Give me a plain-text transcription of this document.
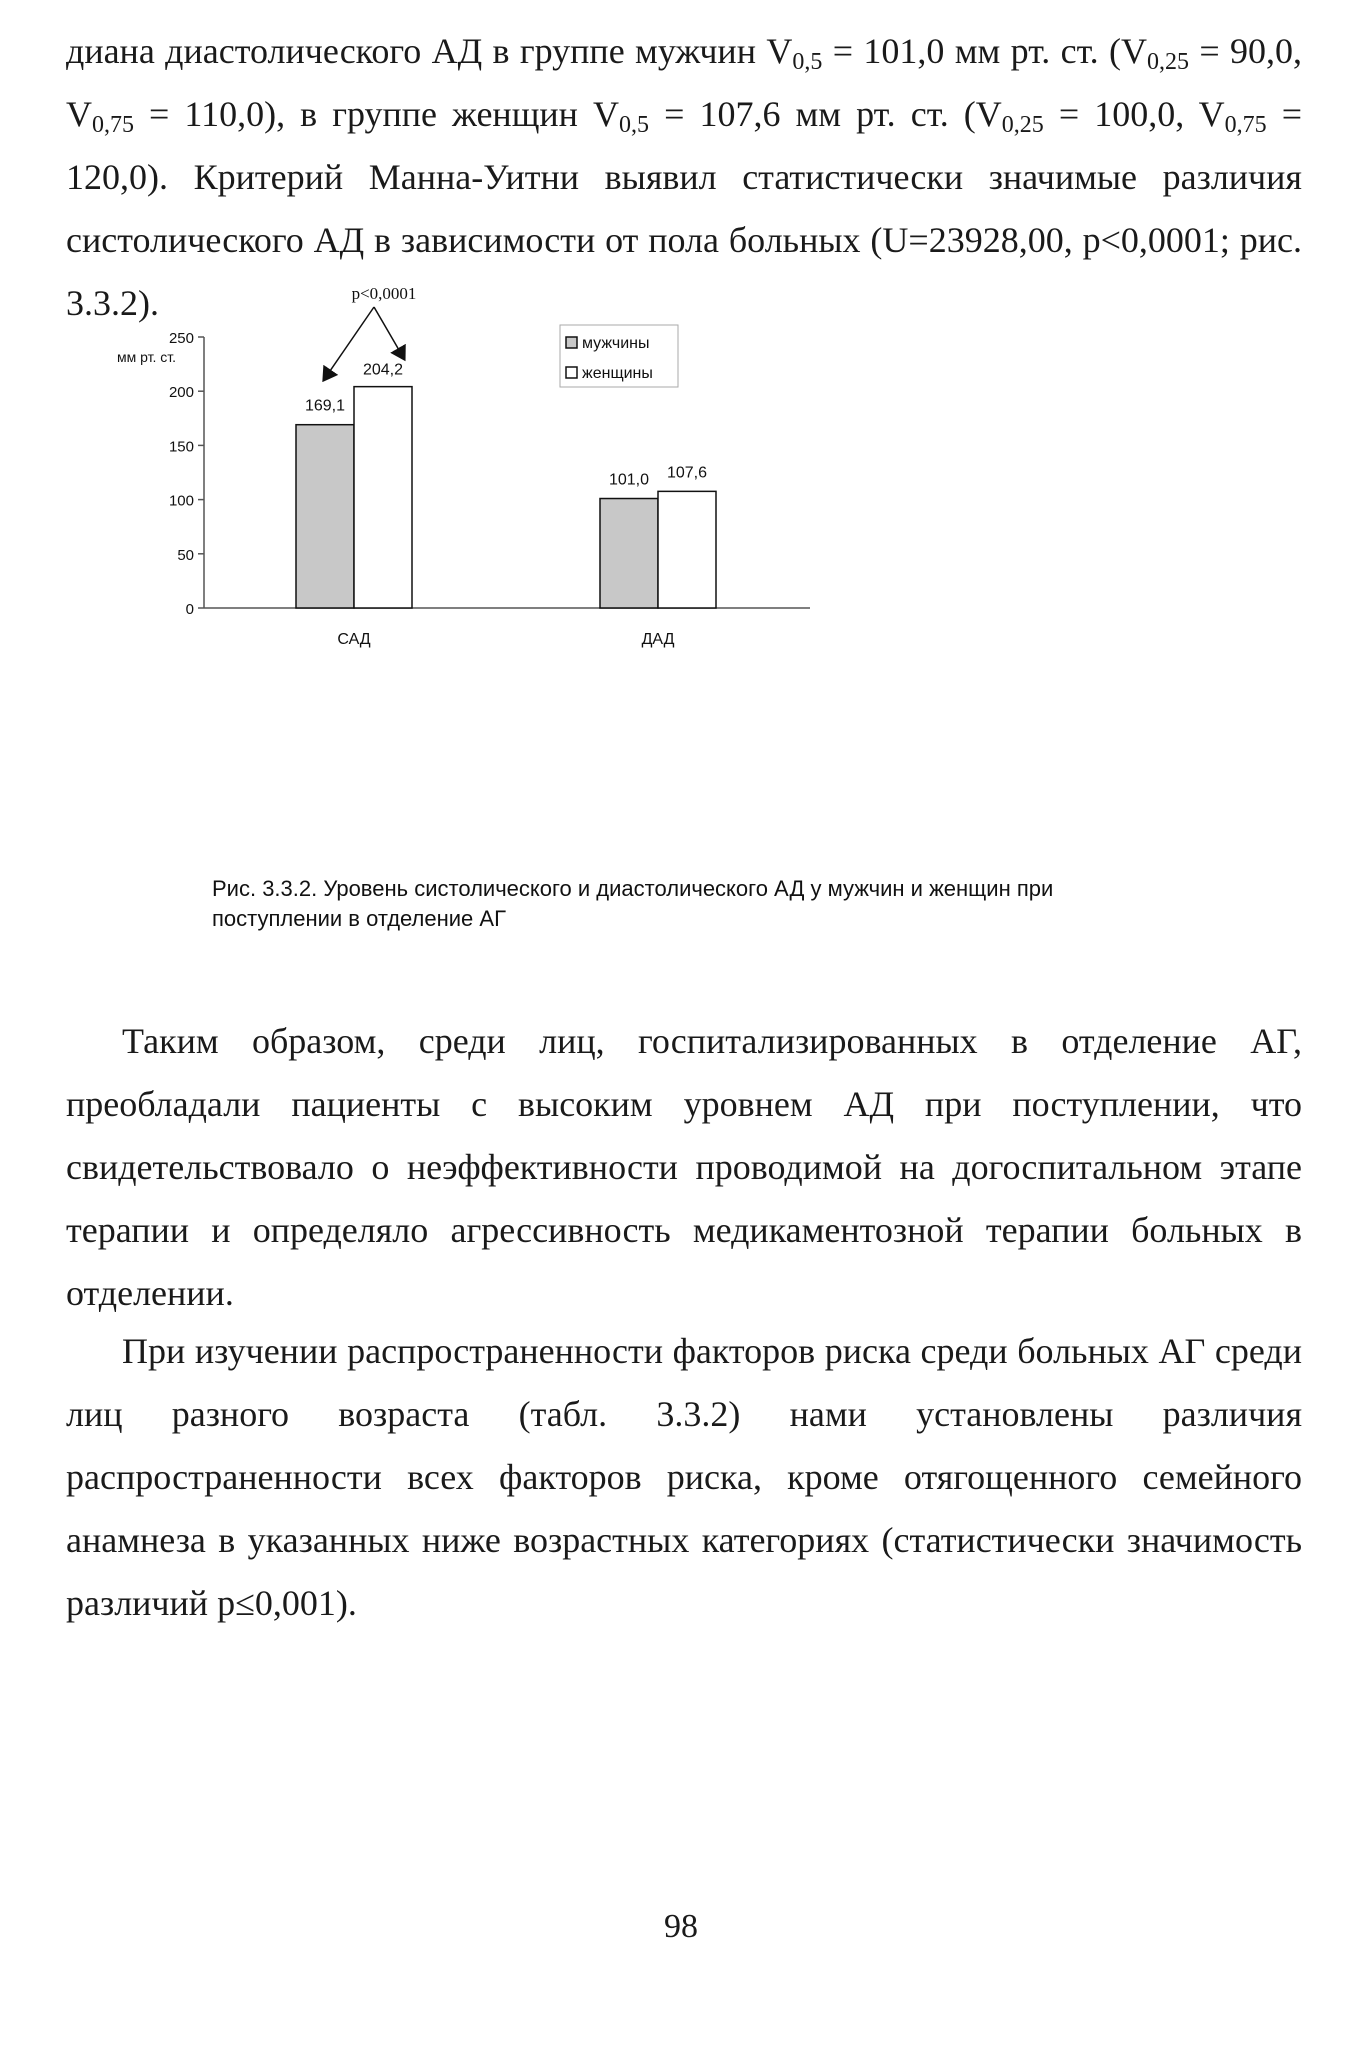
диана диастолического АД в группе мужчин $V_{0,5} = 101,0$ мм рт. ст. ($V_{0,25} = 90,0$, $V_{0,75} = 110,0$), в группе женщин $V_{0,5} = 107,6$ мм рт. ст. ($V_{0,25} = 100,0$, $V_{0,75} = 120,0$). Критерий Манна-Уитни выявил статистически значимые различия систолического АД в зависимости от пола больных (U=23928,00, p<0,0001; рис. 3.3.2).

0
50
100
150
200
250
мм рт. ст.
169,1
204,2
САД
101,0 107,6
ДАД
p<0,0001
мужчины
женщины

Рис. 3.3.2. Уровень систолического и диастолического АД у мужчин и женщин при поступлении в отделение АГ

Таким образом, среди лиц, госпитализированных в отделение АГ, преобладали пациенты с высоким уровнем АД при поступлении, что свидетельствовало о неэффективности проводимой на догоспитальном этапе терапии и определяло агрессивность медикаментозной терапии больных в отделении.

При изучении распространенности факторов риска среди больных АГ среди лиц разного возраста (табл. 3.3.2) нами установлены различия распространенности всех факторов риска, кроме отягощенного семейного анамнеза в указанных ниже возрастных категориях (статистически значимость различий p≤0,001).

98
